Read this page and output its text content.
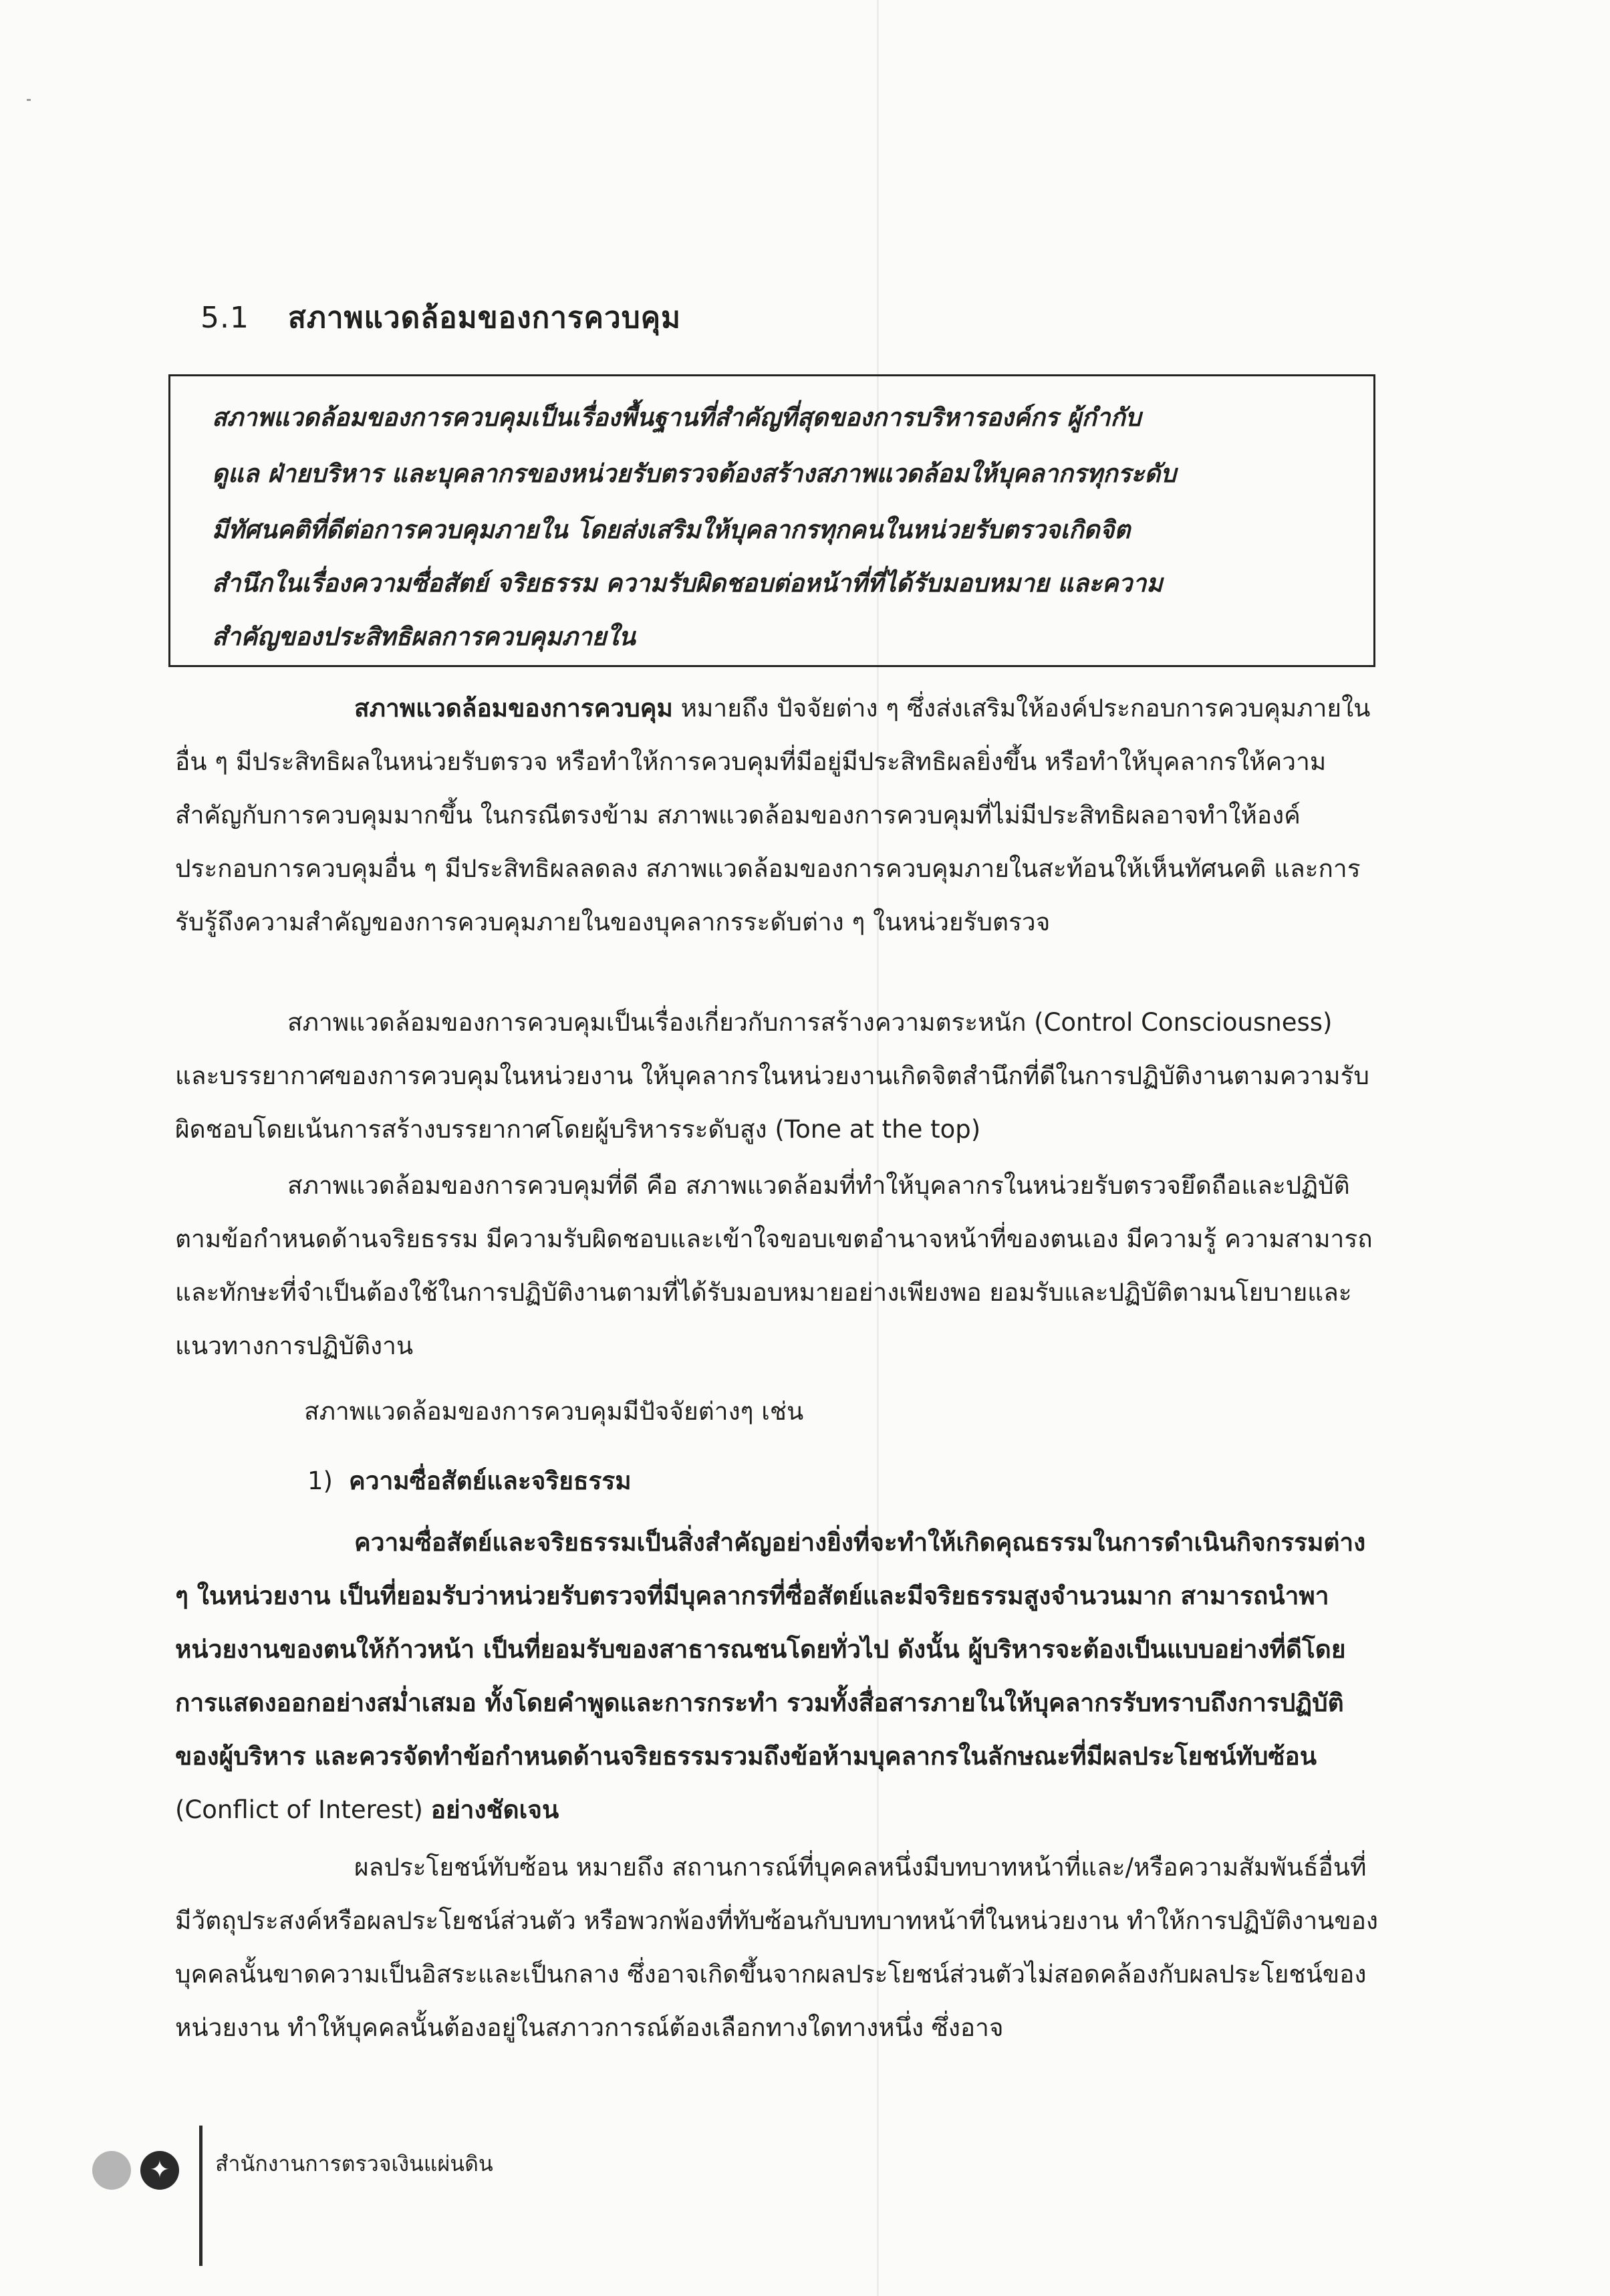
5.1 สภาพแวดล้อมของการควบคุม

สภาพแวดล้อมของการควบคุมเป็นเรื่องพื้นฐานที่สำคัญที่สุดของการบริหารองค์กร ผู้กำกับ

ดูแล ฝ่ายบริหาร และบุคลากรของหน่วยรับตรวจต้องสร้างสภาพแวดล้อมให้บุคลากรทุกระดับ

มีทัศนคติที่ดีต่อการควบคุมภายใน โดยส่งเสริมให้บุคลากรทุกคนในหน่วยรับตรวจเกิดจิต

สำนึกในเรื่องความซื่อสัตย์ จริยธรรม ความรับผิดชอบต่อหน้าที่ที่ได้รับมอบหมาย และความ

สำคัญของประสิทธิผลการควบคุมภายใน

สภาพแวดล้อมของการควบคุม หมายถึง ปัจจัยต่าง ๆ ซึ่งส่งเสริมให้องค์ประกอบการควบคุมภายในอื่น ๆ มีประสิทธิผลในหน่วยรับตรวจ หรือทำให้การควบคุมที่มีอยู่มีประสิทธิผลยิ่งขึ้น หรือทำให้บุคลากรให้ความสำคัญกับการควบคุมมากขึ้น ในกรณีตรงข้าม สภาพแวดล้อมของการควบคุมที่ไม่มีประสิทธิผลอาจทำให้องค์ประกอบการควบคุมอื่น ๆ มีประสิทธิผลลดลง สภาพแวดล้อมของการควบคุมภายในสะท้อนให้เห็นทัศนคติ และการรับรู้ถึงความสำคัญของการควบคุมภายในของบุคลากรระดับต่าง ๆ ในหน่วยรับตรวจ

สภาพแวดล้อมของการควบคุมเป็นเรื่องเกี่ยวกับการสร้างความตระหนัก (Control Consciousness) และบรรยากาศของการควบคุมในหน่วยงาน ให้บุคลากรในหน่วยงานเกิดจิตสำนึกที่ดีในการปฏิบัติงานตามความรับผิดชอบโดยเน้นการสร้างบรรยากาศโดยผู้บริหารระดับสูง (Tone at the top)

สภาพแวดล้อมของการควบคุมที่ดี คือ สภาพแวดล้อมที่ทำให้บุคลากรในหน่วยรับตรวจยึดถือและปฏิบัติตามข้อกำหนดด้านจริยธรรม มีความรับผิดชอบและเข้าใจขอบเขตอำนาจหน้าที่ของตนเอง มีความรู้ ความสามารถ และทักษะที่จำเป็นต้องใช้ในการปฏิบัติงานตามที่ได้รับมอบหมายอย่างเพียงพอ ยอมรับและปฏิบัติตามนโยบายและแนวทางการปฏิบัติงาน

สภาพแวดล้อมของการควบคุมมีปัจจัยต่างๆ เช่น
1) ความซื่อสัตย์และจริยธรรม

ความซื่อสัตย์และจริยธรรมเป็นสิ่งสำคัญอย่างยิ่งที่จะทำให้เกิดคุณธรรมในการดำเนินกิจกรรมต่าง ๆ ในหน่วยงาน เป็นที่ยอมรับว่าหน่วยรับตรวจที่มีบุคลากรที่ซื่อสัตย์และมีจริยธรรมสูงจำนวนมาก สามารถนำพาหน่วยงานของตนให้ก้าวหน้า เป็นที่ยอมรับของสาธารณชนโดยทั่วไป ดังนั้น ผู้บริหารจะต้องเป็นแบบอย่างที่ดีโดยการแสดงออกอย่างสม่ำเสมอ ทั้งโดยคำพูดและการกระทำ รวมทั้งสื่อสารภายในให้บุคลากรรับทราบถึงการปฏิบัติของผู้บริหาร และควรจัดทำข้อกำหนดด้านจริยธรรมรวมถึงข้อห้ามบุคลากรในลักษณะที่มีผลประโยชน์ทับซ้อน (Conflict of Interest) อย่างชัดเจน

ผลประโยชน์ทับซ้อน หมายถึง สถานการณ์ที่บุคคลหนึ่งมีบทบาทหน้าที่และ/หรือความสัมพันธ์อื่นที่มีวัตถุประสงค์หรือผลประโยชน์ส่วนตัว หรือพวกพ้องที่ทับซ้อนกับบทบาทหน้าที่ในหน่วยงาน ทำให้การปฏิบัติงานของบุคคลนั้นขาดความเป็นอิสระและเป็นกลาง ซึ่งอาจเกิดขึ้นจากผลประโยชน์ส่วนตัวไม่สอดคล้องกับผลประโยชน์ของหน่วยงาน ทำให้บุคคลนั้นต้องอยู่ในสภาวการณ์ต้องเลือกทางใดทางหนึ่ง ซึ่งอาจ

✦	สำนักงานการตรวจเงินแผ่นดิน
